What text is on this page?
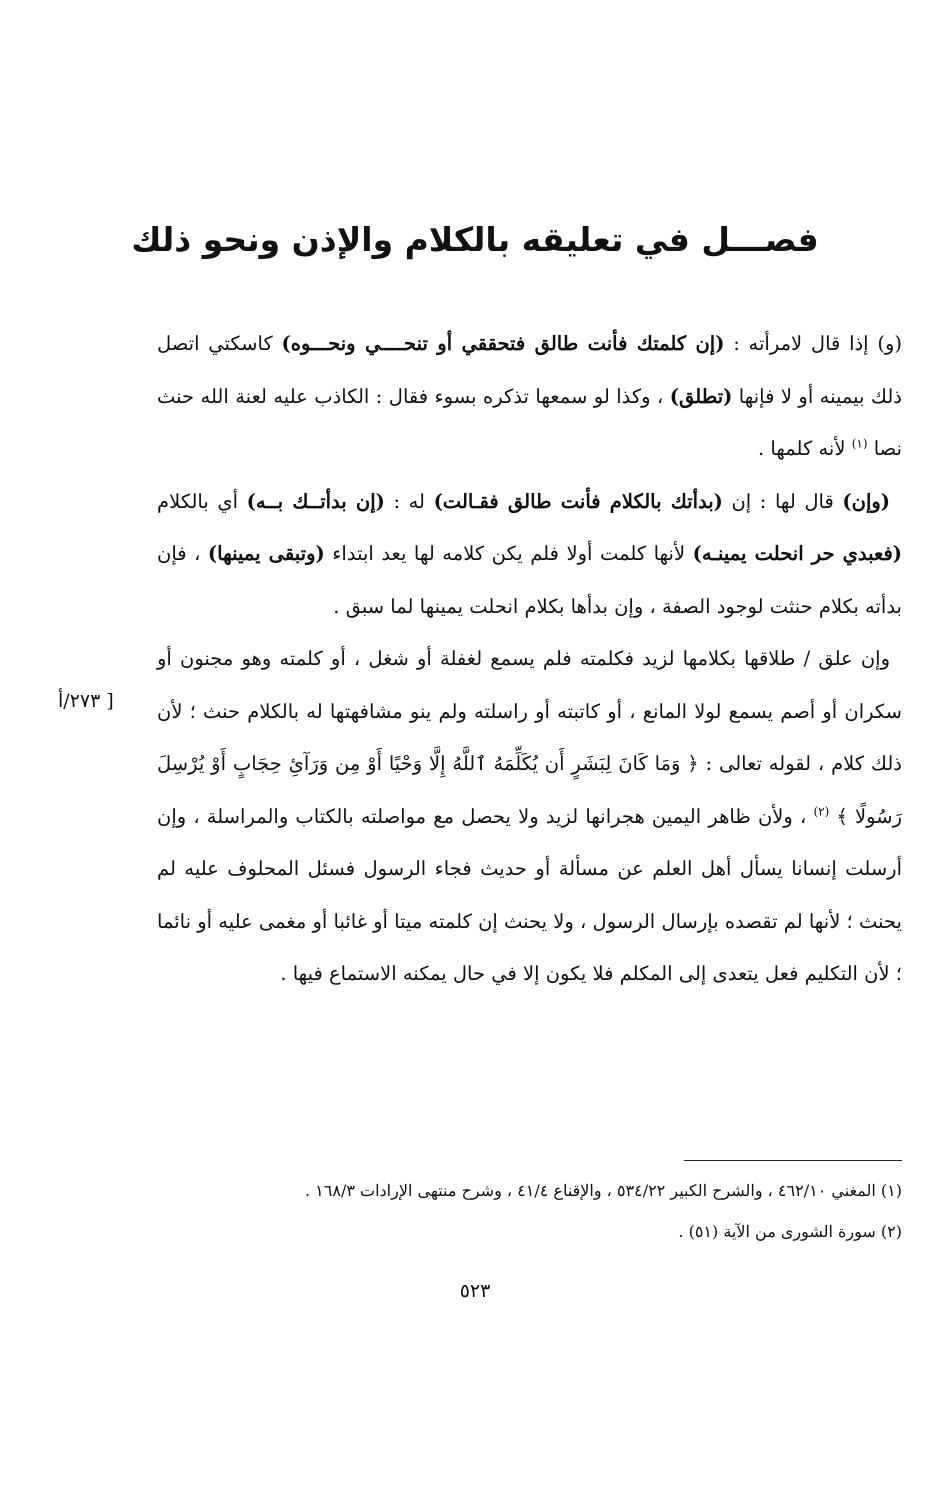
فصـــل في تعليقه بالكلام والإذن ونحو ذلك
[ ٢٧٣/أ

(و) إذا قال لامرأته : (إن كلمتك فأنت طالق فتحققي أو تنحــــي ونحـــوه) كاسكتي اتصل ذلك بيمينه أو لا فإنها (تطلق) ، وكذا لو سمعها تذكره بسوء فقال : الكاذب عليه لعنة الله حنث نصا $^{(١)}$ لأنه كلمها .

(وإن) قال لها : إن (بدأتك بالكلام فأنت طالق فقـالت) له : (إن بدأتــك بــه) أي بالكلام (فعبدي حر انحلت يمينـه) لأنها كلمت أولا فلم يكن كلامه لها يعد ابتداء (وتبقى يمينها) ، فإن بدأته بكلام حنثت لوجود الصفة ، وإن بدأها بكلام انحلت يمينها لما سبق .

وإن علق / طلاقها بكلامها لزيد فكلمته فلم يسمع لغفلة أو شغل ، أو كلمته وهو مجنون أو سكران أو أصم يسمع لولا المانع ، أو كاتبته أو راسلته ولم ينو مشافهتها له بالكلام حنث ؛ لأن ذلك كلام ، لقوله تعالى : ﴿ وَمَا كَانَ لِبَشَرٍ أَن يُكَلِّمَهُ ٱللَّهُ إِلَّا وَحْيًا أَوْ مِن وَرَآئِ حِجَابٍ أَوْ يُرْسِلَ رَسُولًا ﴾ $^{(٢)}$ ، ولأن ظاهر اليمين هجرانها لزيد ولا يحصل مع مواصلته بالكتاب والمراسلة ، وإن أرسلت إنسانا يسأل أهل العلم عن مسألة أو حديث فجاء الرسول فسئل المحلوف عليه لم يحنث ؛ لأنها لم تقصده بإرسال الرسول ، ولا يحنث إن كلمته ميتا أو غائبا أو مغمى عليه أو نائما ؛ لأن التكليم فعل يتعدى إلى المكلم فلا يكون إلا في حال يمكنه الاستماع فيها .

(١) المغني ٤٦٢/١٠ ، والشرح الكبير ٥٣٤/٢٢ ، والإقناع ٤١/٤ ، وشرح منتهى الإرادات ١٦٨/٣ .
(٢) سورة الشورى من الآية (٥١) .
٥٢٣
